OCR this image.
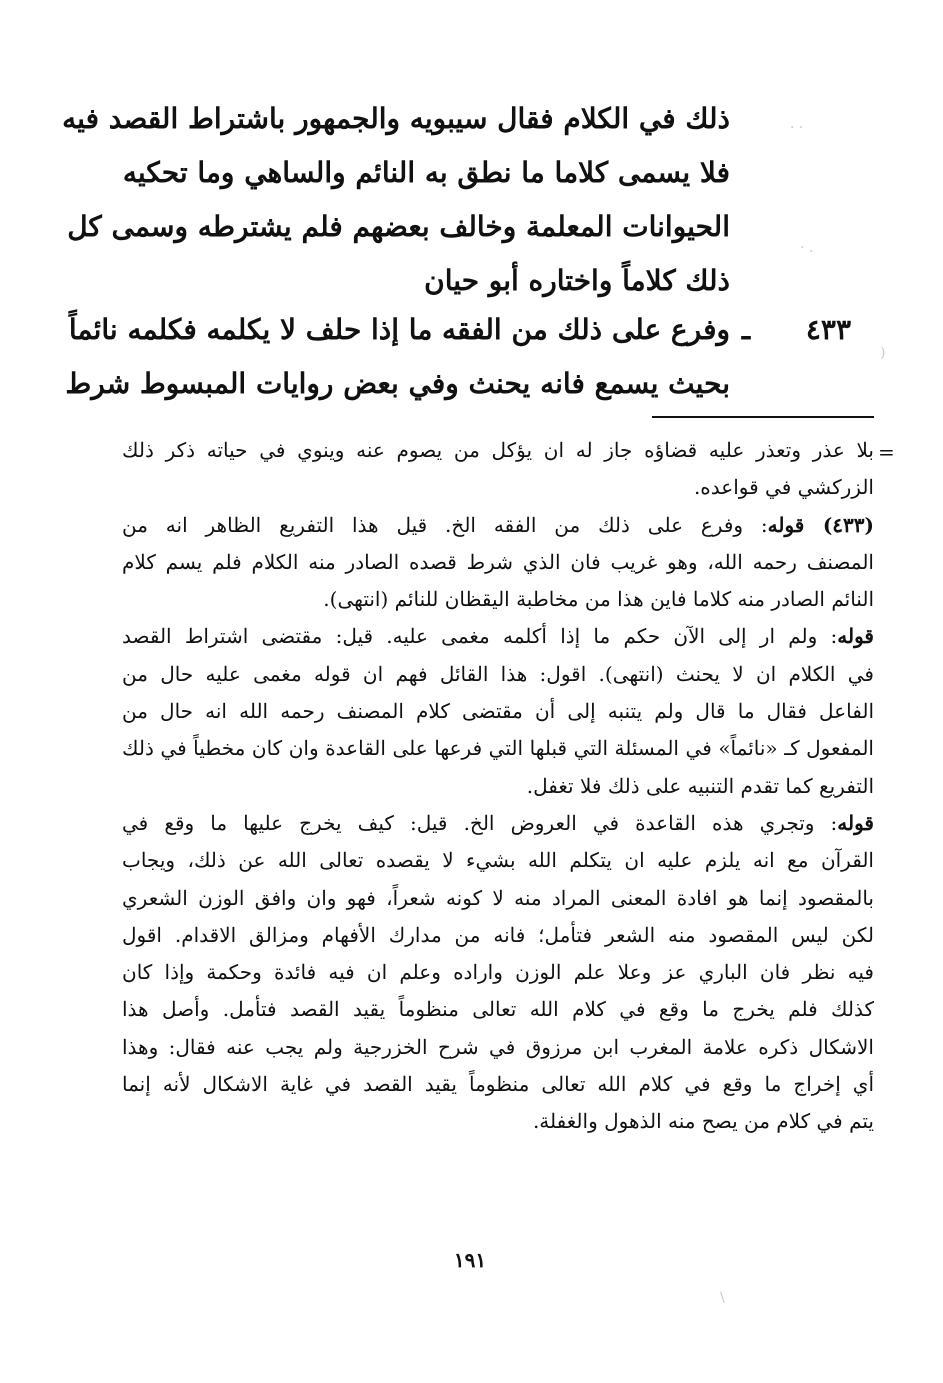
ذلك في الكلام فقال سيبويه والجمهور باشتراط القصد فيه
فلا يسمى كلاما ما نطق به النائم والساهي وما تحكيه
الحيوانات المعلمة وخالف بعضهم فلم يشترطه وسمى كل
ذلك كلاماً واختاره أبو حيان
٤٣٣ـ
وفرع على ذلك من الفقه ما إذا حلف لا يكلمه فكلمه نائماً
بحيث يسمع فانه يحنث وفي بعض روايات المبسوط شرط
=
بلا عذر وتعذر عليه قضاؤه جاز له ان يؤكل من يصوم عنه وينوي في حياته ذكر ذلك
الزركشي في قواعده.
(٤٣٣) قوله: وفرع على ذلك من الفقه الخ. قيل هذا التفريع الظاهر انه من
المصنف رحمه الله، وهو غريب فان الذي شرط قصده الصادر منه الكلام فلم يسم كلام
النائم الصادر منه كلاما فاين هذا من مخاطبة اليقظان للنائم (انتهى).
قوله: ولم ار إلى الآن حكم ما إذا أكلمه مغمى عليه. قيل: مقتضى اشتراط القصد
في الكلام ان لا يحنث (انتهى). اقول: هذا القائل فهم ان قوله مغمى عليه حال من
الفاعل فقال ما قال ولم يتنبه إلى أن مقتضى كلام المصنف رحمه الله انه حال من
المفعول كـ «نائماً» في المسئلة التي قبلها التي فرعها على القاعدة وان كان مخطياً في ذلك
التفريع كما تقدم التنبيه على ذلك فلا تغفل.
قوله: وتجري هذه القاعدة في العروض الخ. قيل: كيف يخرج عليها ما وقع في
القرآن مع انه يلزم عليه ان يتكلم الله بشيء لا يقصده تعالى الله عن ذلك، ويجاب
بالمقصود إنما هو افادة المعنى المراد منه لا كونه شعراً، فهو وان وافق الوزن الشعري
لكن ليس المقصود منه الشعر فتأمل؛ فانه من مدارك الأفهام ومزالق الاقدام. اقول
فيه نظر فان الباري عز وعلا علم الوزن واراده وعلم ان فيه فائدة وحكمة وإذا كان
كذلك فلم يخرج ما وقع في كلام الله تعالى منظوماً يقيد القصد فتأمل. وأصل هذا
الاشكال ذكره علامة المغرب ابن مرزوق في شرح الخزرجية ولم يجب عنه فقال: وهذا
أي إخراج ما وقع في كلام الله تعالى منظوماً يقيد القصد في غاية الاشكال لأنه إنما
يتم في كلام من يصح منه الذهول والغفلة.
١٩١
· ·
· .
)
\
